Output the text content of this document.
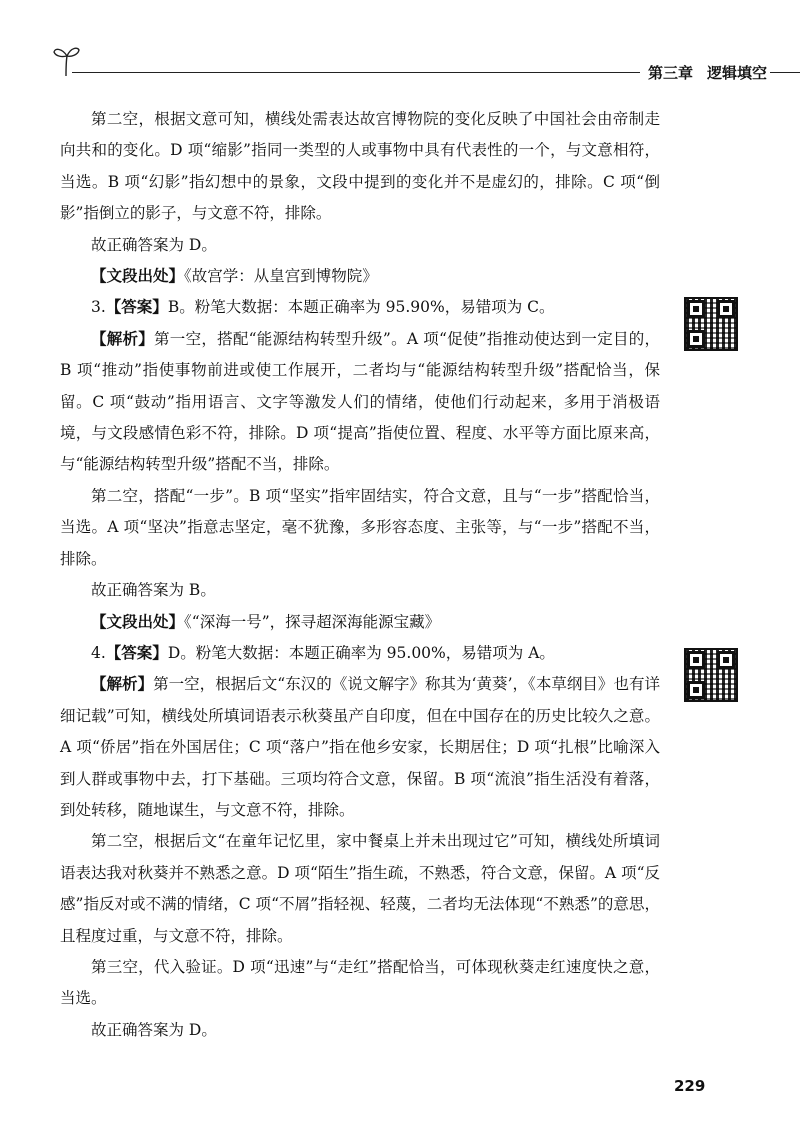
第三章 逻辑填空

第二空，根据文意可知，横线处需表达故宫博物院的变化反映了中国社会由帝制走向共和的变化。D 项“缩影”指同一类型的人或事物中具有代表性的一个，与文意相符，当选。B 项“幻影”指幻想中的景象，文段中提到的变化并不是虚幻的，排除。C 项“倒影”指倒立的影子，与文意不符，排除。

故正确答案为 D。

【文段出处】《故宫学：从皇宫到博物院》

3.【答案】B。粉笔大数据：本题正确率为 95.90%，易错项为 C。

【解析】第一空，搭配“能源结构转型升级”。A 项“促使”指推动使达到一定目的，B 项“推动”指使事物前进或使工作展开，二者均与“能源结构转型升级”搭配恰当，保留。C 项“鼓动”指用语言、文字等激发人们的情绪，使他们行动起来，多用于消极语境，与文段感情色彩不符，排除。D 项“提高”指使位置、程度、水平等方面比原来高，与“能源结构转型升级”搭配不当，排除。

第二空，搭配“一步”。B 项“坚实”指牢固结实，符合文意，且与“一步”搭配恰当，当选。A 项“坚决”指意志坚定，毫不犹豫，多形容态度、主张等，与“一步”搭配不当，排除。

故正确答案为 B。

【文段出处】《“深海一号”，探寻超深海能源宝藏》

4.【答案】D。粉笔大数据：本题正确率为 95.00%，易错项为 A。

【解析】第一空，根据后文“东汉的《说文解字》称其为‘黄葵’，《本草纲目》也有详细记载”可知，横线处所填词语表示秋葵虽产自印度，但在中国存在的历史比较久之意。A 项“侨居”指在外国居住；C 项“落户”指在他乡安家，长期居住；D 项“扎根”比喻深入到人群或事物中去，打下基础。三项均符合文意，保留。B 项“流浪”指生活没有着落，到处转移，随地谋生，与文意不符，排除。

第二空，根据后文“在童年记忆里，家中餐桌上并未出现过它”可知，横线处所填词语表达我对秋葵并不熟悉之意。D 项“陌生”指生疏，不熟悉，符合文意，保留。A 项“反感”指反对或不满的情绪，C 项“不屑”指轻视、轻蔑，二者均无法体现“不熟悉”的意思，且程度过重，与文意不符，排除。

第三空，代入验证。D 项“迅速”与“走红”搭配恰当，可体现秋葵走红速度快之意，当选。

故正确答案为 D。

229
